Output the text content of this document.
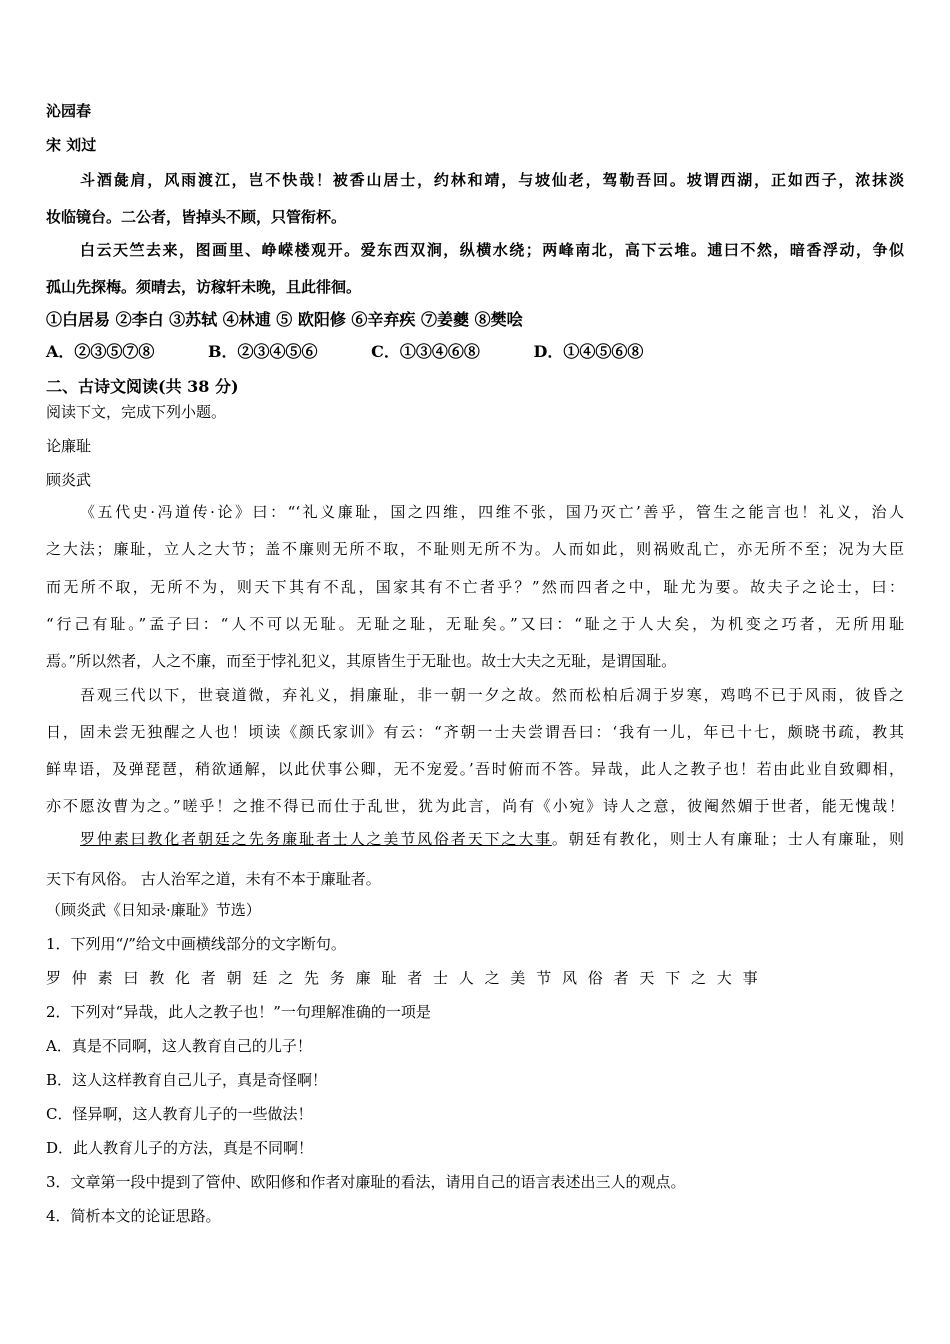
沁园春
宋 刘过
斗酒彘肩，风雨渡江，岂不快哉！被香山居士，约林和靖，与坡仙老，驾勒吾回。坡谓西湖，正如西子，浓抹淡
妆临镜台。二公者，皆掉头不顾，只管衔杯。
白云天竺去来，图画里、峥嵘楼观开。爱东西双涧，纵横水绕；两峰南北，高下云堆。逋曰不然，暗香浮动，争似
孤山先探梅。须晴去，访稼轩未晚，且此徘徊。
①白居易 ②李白 ③苏轼 ④林逋 ⑤ 欧阳修 ⑥辛弃疾 ⑦姜夔 ⑧樊哙
A．②③⑤⑦⑧	B．②③④⑤⑥	C．①③④⑥⑧	D．①④⑤⑥⑧
二、古诗文阅读(共 38 分)
阅读下文，完成下列小题。
论廉耻
顾炎武
《五代史·冯道传·论》曰：“‘礼义廉耻，国之四维，四维不张，国乃灭亡’善乎，管生之能言也！礼义，治人
之大法；廉耻，立人之大节；盖不廉则无所不取，不耻则无所不为。人而如此，则祸败乱亡，亦无所不至；况为大臣
而无所不取，无所不为，则天下其有不乱，国家其有不亡者乎？”然而四者之中，耻尤为要。故夫子之论士，曰：
“行己有耻。”孟子曰：“人不可以无耻。无耻之耻，无耻矣。”又曰：“耻之于人大矣，为机变之巧者，无所用耻
焉。”所以然者，人之不廉，而至于悖礼犯义，其原皆生于无耻也。故士大夫之无耻，是谓国耻。
吾观三代以下，世衰道微，弃礼义，捐廉耻，非一朝一夕之故。然而松柏后凋于岁寒，鸡鸣不已于风雨，彼昏之
日，固未尝无独醒之人也！顷读《颜氏家训》有云：“齐朝一士夫尝谓吾曰：‘我有一儿，年已十七，颇晓书疏，教其
鲜卑语，及弹琵琶，稍欲通解，以此伏事公卿，无不宠爱。’吾时俯而不答。异哉，此人之教子也！若由此业自致卿相，
亦不愿汝曹为之。”嗟乎！之推不得已而仕于乱世，犹为此言，尚有《小宛》诗人之意，彼阉然媚于世者，能无愧哉！
罗仲素曰教化者朝廷之先务廉耻者士人之美节风俗者天下之大事。朝廷有教化，则士人有廉耻；士人有廉耻，则
天下有风俗。 古人治军之道，未有不本于廉耻者。
（顾炎武《日知录·廉耻》节选）
1．下列用“/”给文中画横线部分的文字断句。
罗仲素曰教化者朝廷之先务廉耻者士人之美节风俗者天下之大事
2．下列对“异哉，此人之教子也！”一句理解准确的一项是
A．真是不同啊，这人教育自己的儿子！
B．这人这样教育自己儿子，真是奇怪啊！
C．怪异啊，这人教育儿子的一些做法！
D．此人教育儿子的方法，真是不同啊！
3．文章第一段中提到了管仲、欧阳修和作者对廉耻的看法，请用自己的语言表述出三人的观点。
4．简析本文的论证思路。
